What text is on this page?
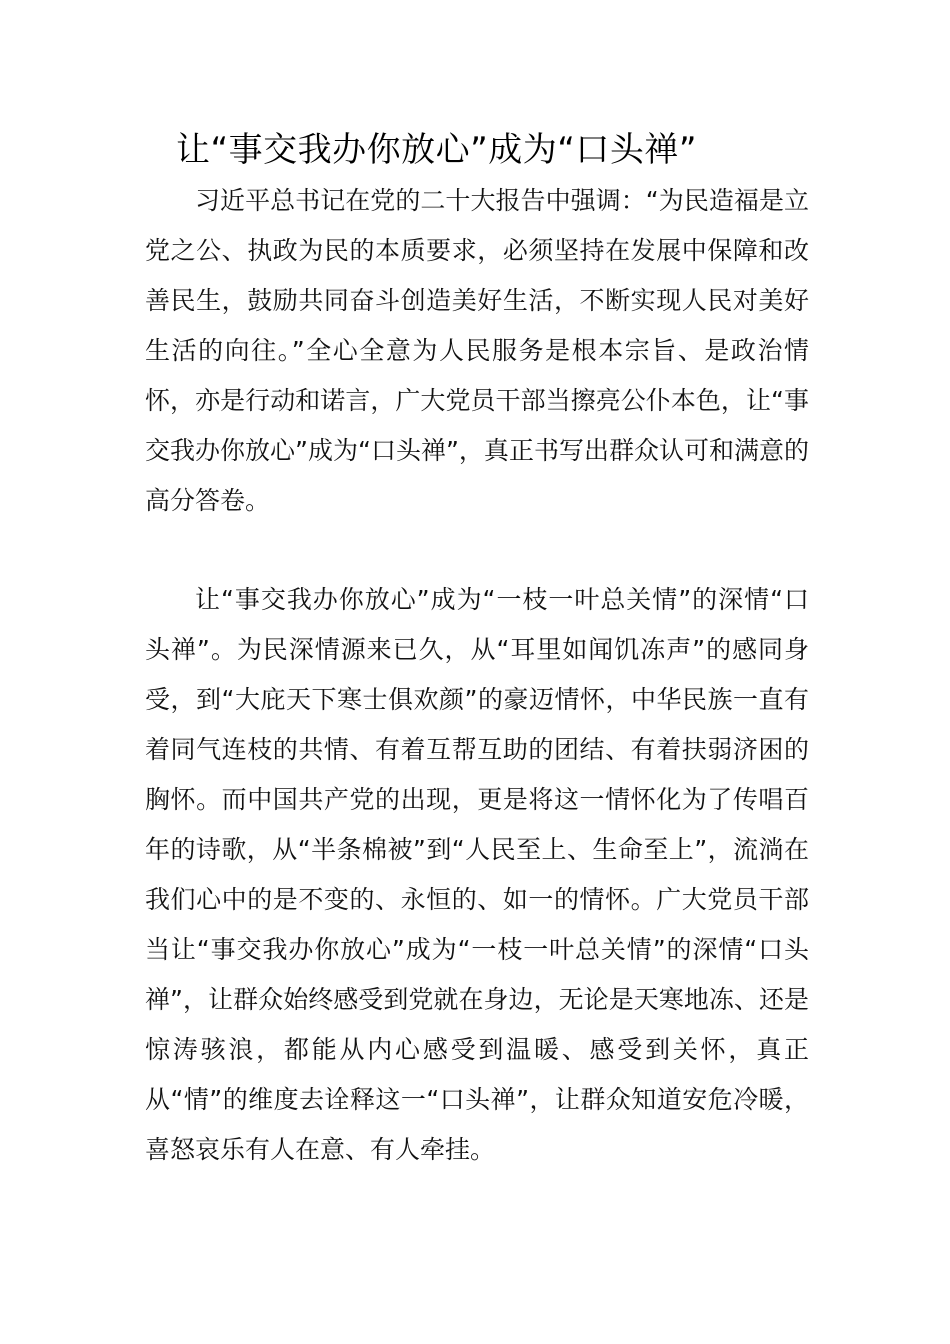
让“事交我办你放心”成为“口头禅”

习近平总书记在党的二十大报告中强调：“为民造福是立党之公、执政为民的本质要求，必须坚持在发展中保障和改善民生，鼓励共同奋斗创造美好生活，不断实现人民对美好生活的向往。”全心全意为人民服务是根本宗旨、是政治情怀，亦是行动和诺言，广大党员干部当擦亮公仆本色，让“事交我办你放心”成为“口头禅”，真正书写出群众认可和满意的高分答卷。

让“事交我办你放心”成为“一枝一叶总关情”的深情“口头禅”。为民深情源来已久，从“耳里如闻饥冻声”的感同身受，到“大庇天下寒士俱欢颜”的豪迈情怀，中华民族一直有着同气连枝的共情、有着互帮互助的团结、有着扶弱济困的胸怀。而中国共产党的出现，更是将这一情怀化为了传唱百年的诗歌，从“半条棉被”到“人民至上、生命至上”，流淌在我们心中的是不变的、永恒的、如一的情怀。广大党员干部当让“事交我办你放心”成为“一枝一叶总关情”的深情“口头禅”，让群众始终感受到党就在身边，无论是天寒地冻、还是惊涛骇浪，都能从内心感受到温暖、感受到关怀，真正从“情”的维度去诠释这一“口头禅”，让群众知道安危冷暖，喜怒哀乐有人在意、有人牵挂。
